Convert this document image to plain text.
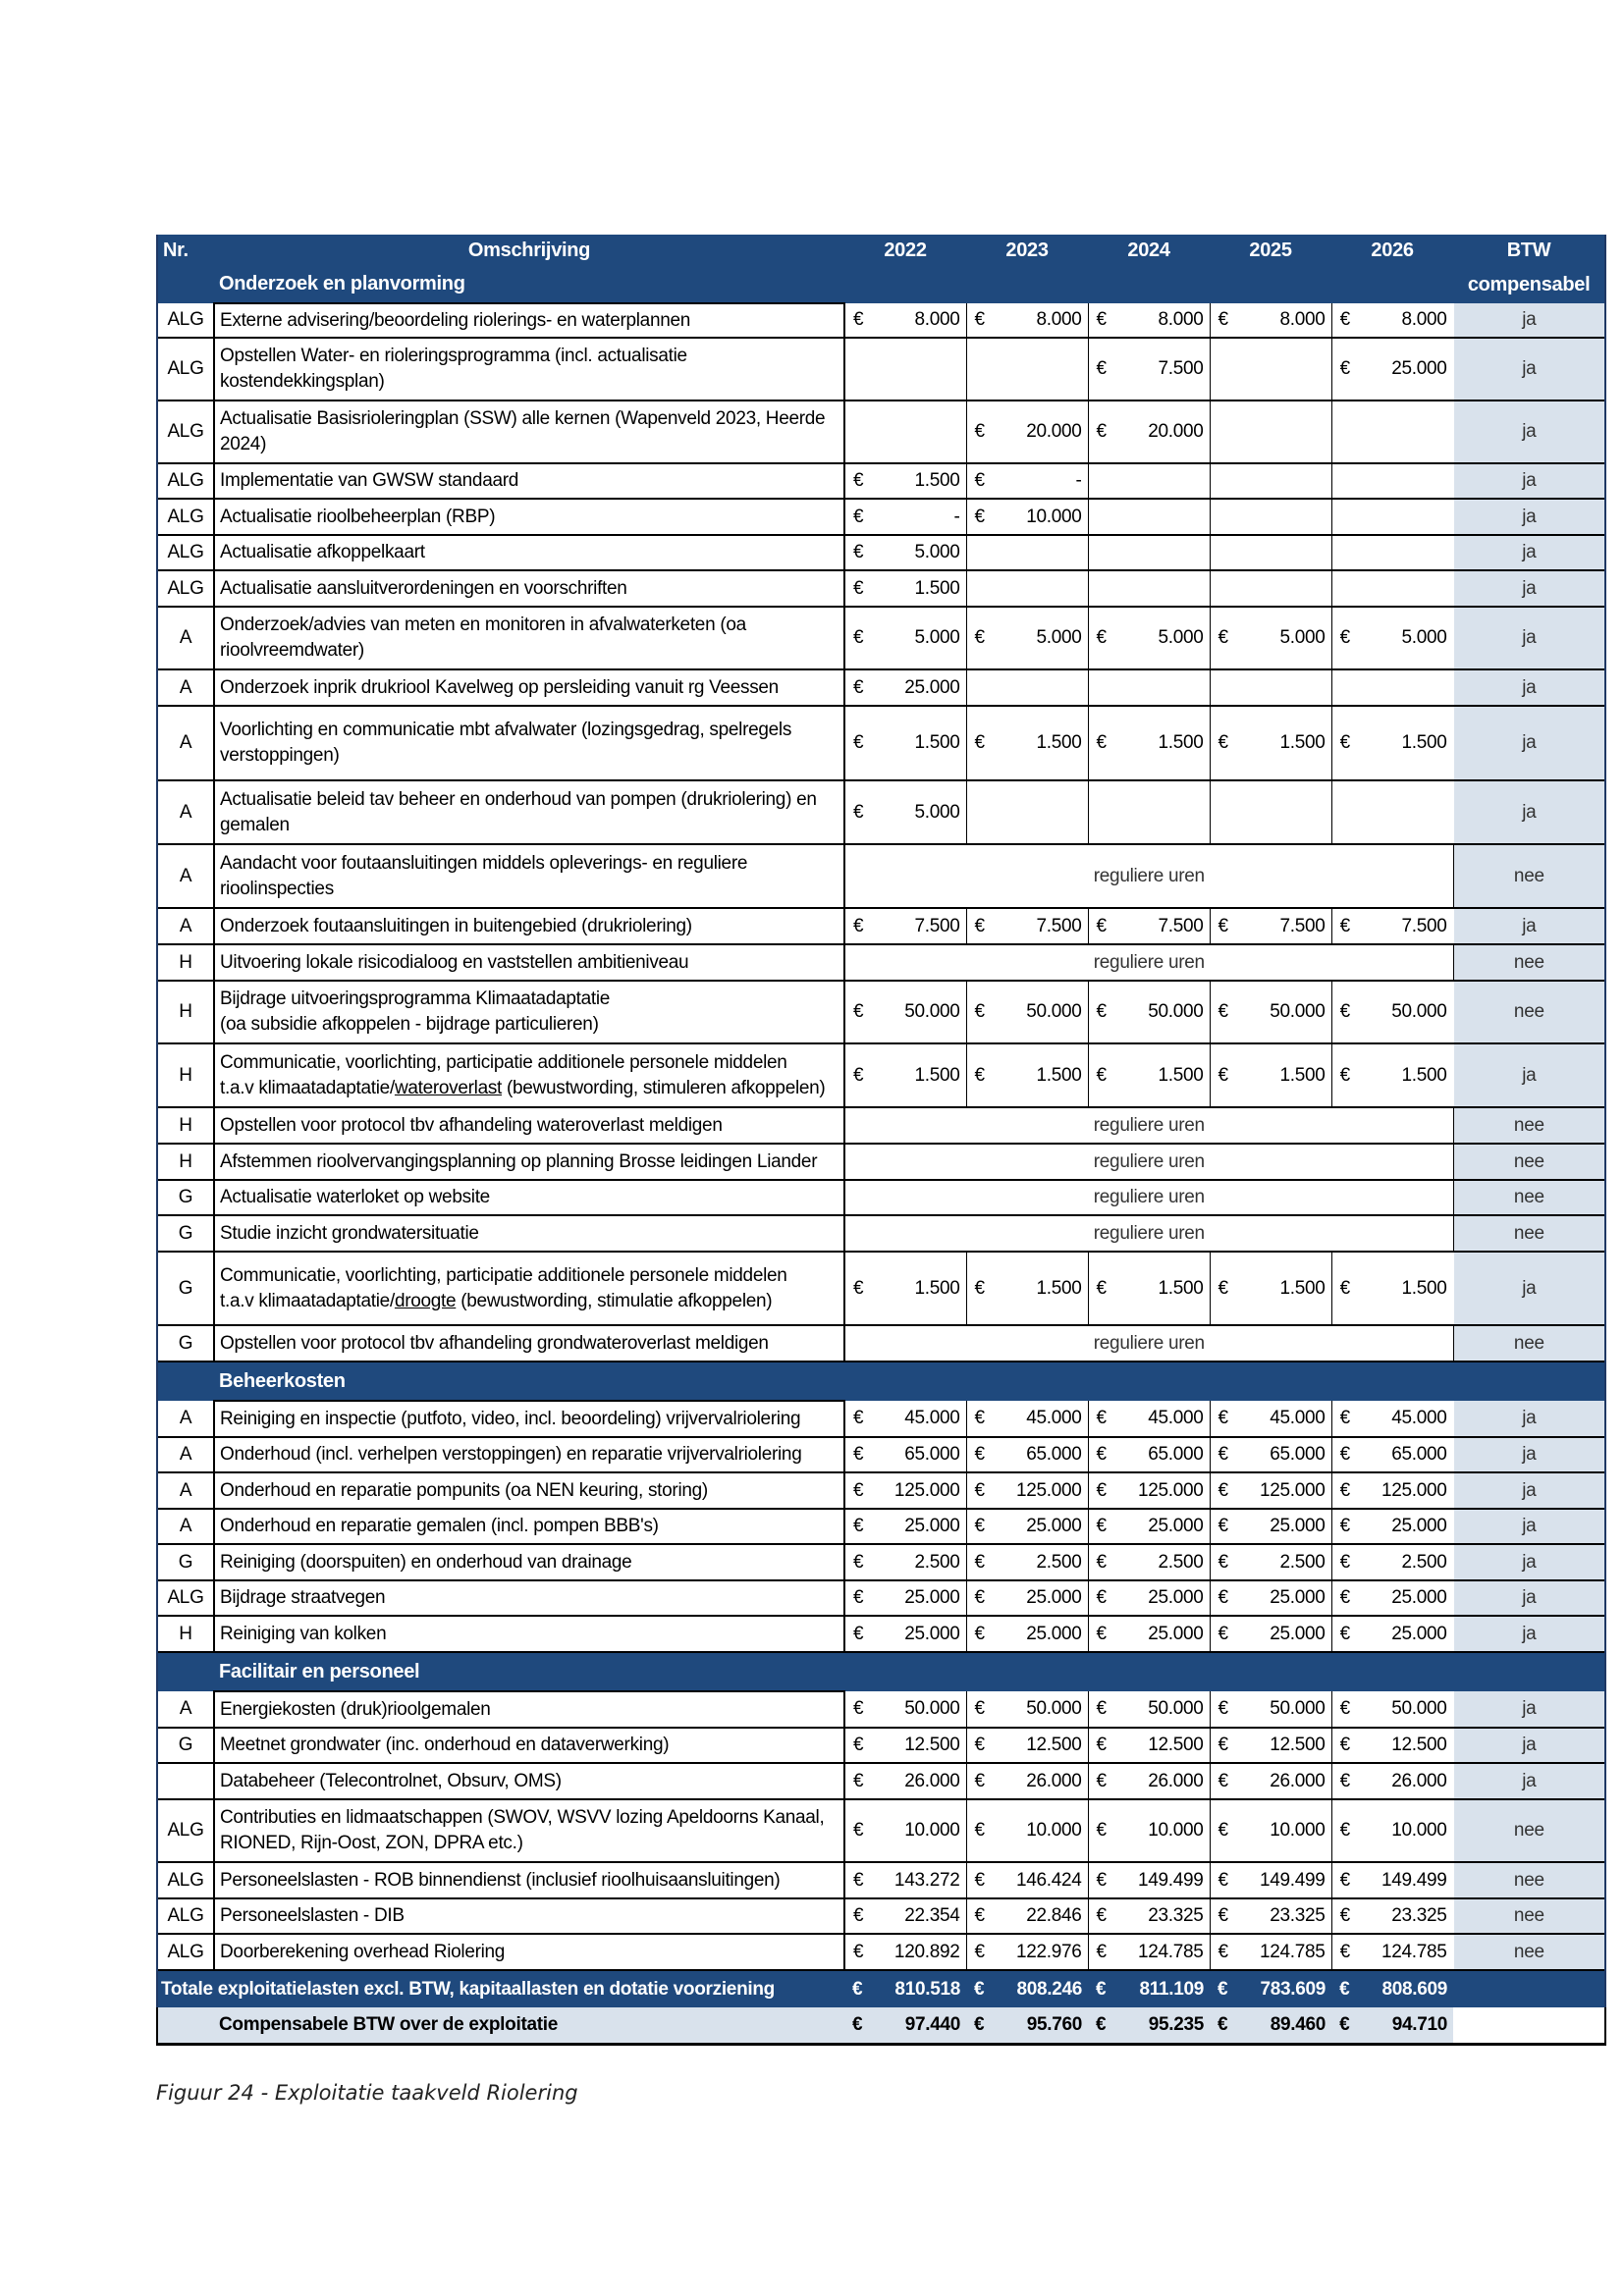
Nr.	Omschrijving	2022		2023		2024		2025		2026		BTW
	Onderzoek en planvorming											compensabel
ALG	Externe advisering/beoordeling riolerings- en waterplannen	€	8.000	€	8.000	€	8.000	€	8.000	€	8.000	ja
ALG	Opstellen Water- en rioleringsprogramma (incl. actualisatie kostendekkingsplan)					€	7.500			€	25.000	ja
ALG	Actualisatie Basisrioleringplan (SSW) alle kernen (Wapenveld 2023, Heerde 2024)			€	20.000	€	20.000					ja
ALG	Implementatie van GWSW standaard	€	1.500	€	-							ja
ALG	Actualisatie rioolbeheerplan (RBP)	€	-	€	10.000							ja
ALG	Actualisatie afkoppelkaart	€	5.000									ja
ALG	Actualisatie aansluitverordeningen en voorschriften	€	1.500									ja
A	Onderzoek/advies van meten en monitoren in afvalwaterketen (oa rioolvreemdwater)	€	5.000	€	5.000	€	5.000	€	5.000	€	5.000	ja
A	Onderzoek inprik drukriool Kavelweg op persleiding vanuit rg Veessen	€	25.000									ja
A	Voorlichting en communicatie mbt afvalwater (lozingsgedrag, spelregels verstoppingen)	€	1.500	€	1.500	€	1.500	€	1.500	€	1.500	ja
A	Actualisatie beleid tav beheer en onderhoud van pompen (drukriolering) en gemalen	€	5.000									ja
A	Aandacht voor foutaansluitingen middels opleverings- en reguliere rioolinspecties	reguliere uren										nee
A	Onderzoek foutaansluitingen in buitengebied (drukriolering)	€	7.500	€	7.500	€	7.500	€	7.500	€	7.500	ja
H	Uitvoering lokale risicodialoog en vaststellen ambitieniveau	reguliere uren										nee
H	Bijdrage uitvoeringsprogramma Klimaatadaptatie
(oa subsidie afkoppelen - bijdrage particulieren)	€	50.000	€	50.000	€	50.000	€	50.000	€	50.000	nee
H	Communicatie, voorlichting, participatie additionele personele middelen
t.a.v klimaatadaptatie/wateroverlast (bewustwording, stimuleren afkoppelen)	€	1.500	€	1.500	€	1.500	€	1.500	€	1.500	ja
H	Opstellen voor protocol tbv afhandeling wateroverlast meldigen	reguliere uren										nee
H	Afstemmen rioolvervangingsplanning op planning Brosse leidingen Liander	reguliere uren										nee
G	Actualisatie waterloket op website	reguliere uren										nee
G	Studie inzicht grondwatersituatie	reguliere uren										nee
G	Communicatie, voorlichting, participatie additionele personele middelen
t.a.v klimaatadaptatie/droogte (bewustwording, stimulatie afkoppelen)	€	1.500	€	1.500	€	1.500	€	1.500	€	1.500	ja
G	Opstellen voor protocol tbv afhandeling grondwateroverlast meldigen	reguliere uren										nee
	Beheerkosten											
A	Reiniging en inspectie (putfoto, video, incl. beoordeling) vrijvervalriolering	€	45.000	€	45.000	€	45.000	€	45.000	€	45.000	ja
A	Onderhoud (incl. verhelpen verstoppingen) en reparatie vrijvervalriolering	€	65.000	€	65.000	€	65.000	€	65.000	€	65.000	ja
A	Onderhoud en reparatie pompunits (oa NEN keuring, storing)	€	125.000	€	125.000	€	125.000	€	125.000	€	125.000	ja
A	Onderhoud en reparatie gemalen (incl. pompen BBB's)	€	25.000	€	25.000	€	25.000	€	25.000	€	25.000	ja
G	Reiniging (doorspuiten) en onderhoud van drainage	€	2.500	€	2.500	€	2.500	€	2.500	€	2.500	ja
ALG	Bijdrage straatvegen	€	25.000	€	25.000	€	25.000	€	25.000	€	25.000	ja
H	Reiniging van kolken	€	25.000	€	25.000	€	25.000	€	25.000	€	25.000	ja
	Facilitair en personeel											
A	Energiekosten (druk)rioolgemalen	€	50.000	€	50.000	€	50.000	€	50.000	€	50.000	ja
G	Meetnet grondwater (inc. onderhoud en dataverwerking)	€	12.500	€	12.500	€	12.500	€	12.500	€	12.500	ja
	Databeheer (Telecontrolnet, Obsurv, OMS)	€	26.000	€	26.000	€	26.000	€	26.000	€	26.000	ja
ALG	Contributies en lidmaatschappen (SWOV, WSVV lozing Apeldoorns Kanaal, RIONED, Rijn-Oost, ZON, DPRA etc.)	€	10.000	€	10.000	€	10.000	€	10.000	€	10.000	nee
ALG	Personeelslasten - ROB binnendienst (inclusief rioolhuisaansluitingen)	€	143.272	€	146.424	€	149.499	€	149.499	€	149.499	nee
ALG	Personeelslasten - DIB	€	22.354	€	22.846	€	23.325	€	23.325	€	23.325	nee
ALG	Doorberekening overhead Riolering	€	120.892	€	122.976	€	124.785	€	124.785	€	124.785	nee
Totale exploitatielasten excl. BTW, kapitaallasten en dotatie voorziening		€	810.518	€	808.246	€	811.109	€	783.609	€	808.609	
	Compensabele BTW over de exploitatie	€	97.440	€	95.760	€	95.235	€	89.460	€	94.710	
Figuur 24 - Exploitatie taakveld Riolering
